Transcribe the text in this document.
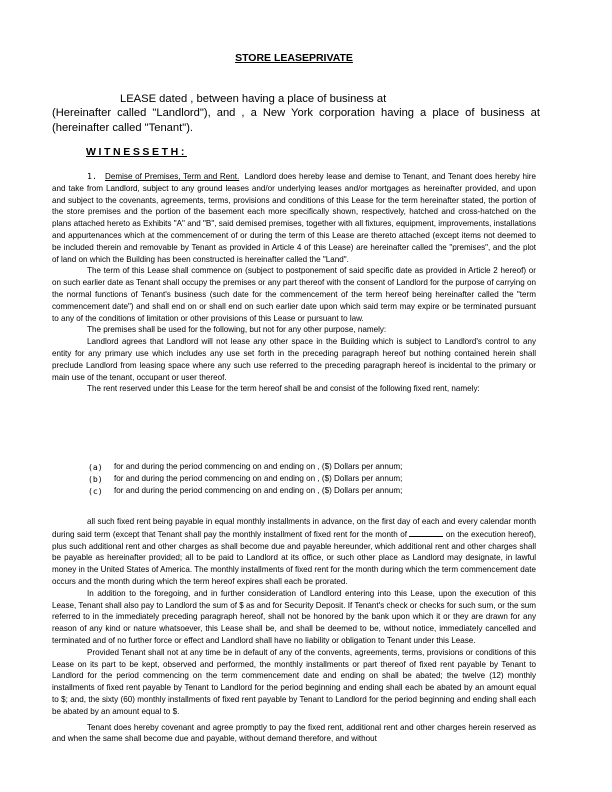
STORE LEASEPRIVATE
LEASE dated , between having a place of business at
(Hereinafter called "Landlord"), and , a New York corporation having a place of business at (hereinafter called "Tenant").
WITNESSETH:

1. Demise of Premises, Term and Rent. Landlord does hereby lease and demise to Tenant, and Tenant does hereby hire and take from Landlord, subject to any ground leases and/or underlying leases and/or mortgages as hereinafter provided, and upon and subject to the covenants, agreements, terms, provisions and conditions of this Lease for the term hereinafter stated, the portion of the store premises and the portion of the basement each more specifically shown, respectively, hatched and cross-hatched on the plans attached hereto as Exhibits "A" and "B", said demised premises, together with all fixtures, equipment, improvements, installations and appurtenances which at the commencement of or during the term of this Lease are thereto attached (except items not deemed to be included therein and removable by Tenant as provided in Article 4 of this Lease) are hereinafter called the "premises", and the plot of land on which the Building has been constructed is hereinafter called the "Land".

The term of this Lease shall commence on (subject to postponement of said specific date as provided in Article 2 hereof) or on such earlier date as Tenant shall occupy the premises or any part thereof with the consent of Landlord for the purpose of carrying on the normal functions of Tenant's business (such date for the commencement of the term hereof being hereinafter called the "term commencement date") and shall end on or shall end on such earlier date upon which said term may expire or be terminated pursuant to any of the conditions of limitation or other provisions of this Lease or pursuant to law.

The premises shall be used for the following, but not for any other purpose, namely:

Landlord agrees that Landlord will not lease any other space in the Building which is subject to Landlord's control to any entity for any primary use which includes any use set forth in the preceding paragraph hereof but nothing contained herein shall preclude Landlord from leasing space where any such use referred to the preceding paragraph hereof is incidental to the primary or main use of the tenant, occupant or user thereof.

The rent reserved under this Lease for the term hereof shall be and consist of the following fixed rent, namely:

(a)	for and during the period commencing on and ending on , ($) Dollars per annum;
(b)	for and during the period commencing on and ending on , ($) Dollars per annum;
(c)	for and during the period commencing on and ending on , ($) Dollars per annum;

all such fixed rent being payable in equal monthly installments in advance, on the first day of each and every calendar month during said term (except that Tenant shall pay the monthly installment of fixed rent for the month of	on the execution hereof), plus such additional rent and other charges as shall become due and payable hereunder, which additional rent and other charges shall be payable as hereinafter provided; all to be paid to Landlord at its office, or such other place as Landlord may designate, in lawful money in the United States of America. The monthly installments of fixed rent for the month during which the term commencement date occurs and the month during which the term hereof expires shall each be prorated.

In addition to the foregoing, and in further consideration of Landlord entering into this Lease, upon the execution of this Lease, Tenant shall also pay to Landlord the sum of $ as and for Security Deposit. If Tenant's check or checks for such sum, or the sum referred to in the immediately preceding paragraph hereof, shall not be honored by the bank upon which it or they are drawn for any reason of any kind or nature whatsoever, this Lease shall be, and shall be deemed to be, without notice, immediately cancelled and terminated and of no further force or effect and Landlord shall have no liability or obligation to Tenant under this Lease.

Provided Tenant shall not at any time be in default of any of the convents, agreements, terms, provisions or conditions of this Lease on its part to be kept, observed and performed, the monthly installments or part thereof of fixed rent payable by Tenant to Landlord for the period commencing on the term commencement date and ending on shall be abated; the twelve (12) monthly installments of fixed rent payable by Tenant to Landlord for the period beginning and ending shall each be abated by an amount equal to $; and, the sixty (60) monthly installments of fixed rent payable by Tenant to Landlord for the period beginning and ending shall each be abated by an amount equal to $.

Tenant does hereby covenant and agree promptly to pay the fixed rent, additional rent and other charges herein reserved as and when the same shall become due and payable, without demand therefore, and without
